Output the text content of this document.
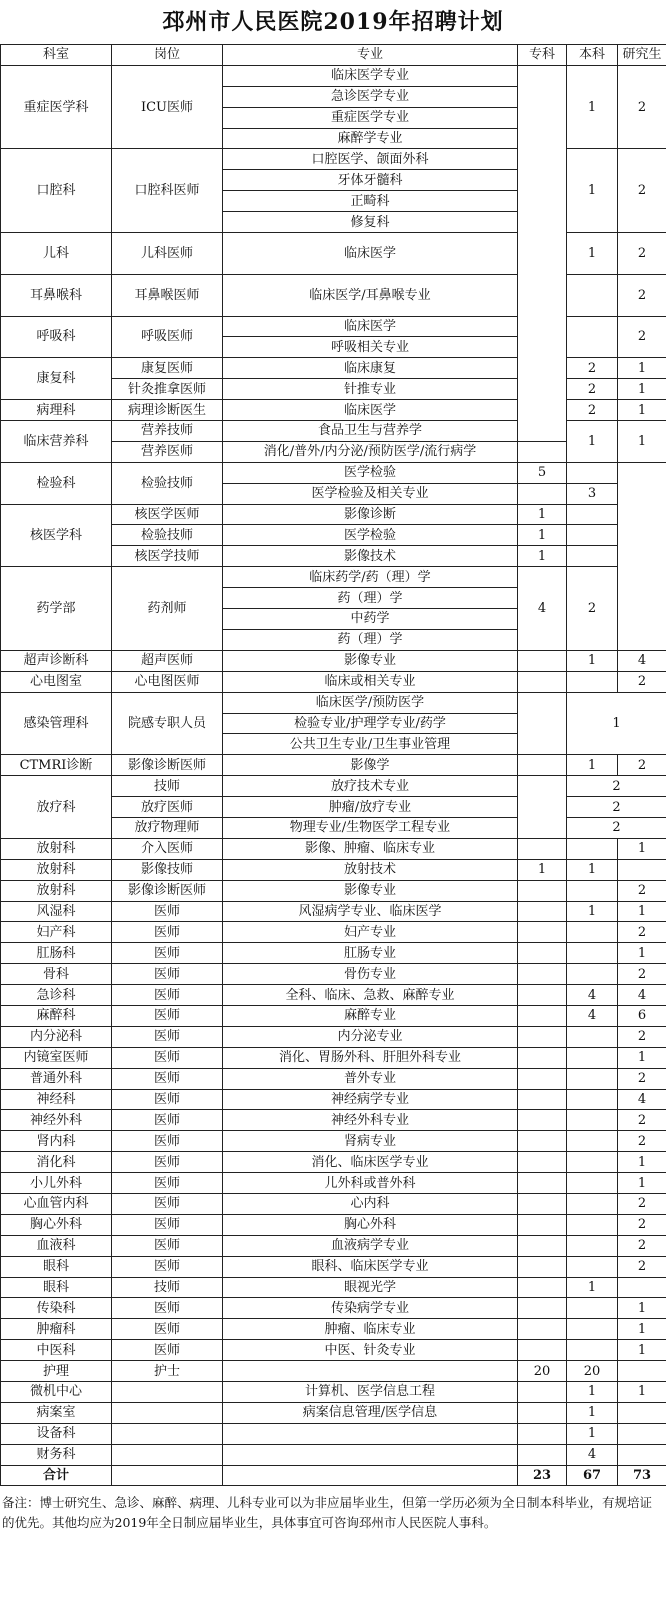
邳州市人民医院2019年招聘计划
科室	岗位	专业	专科	本科	研究生
重症医学科	ICU医师	临床医学专业		1	2
		急诊医学专业			
		重症医学专业			
		麻醉学专业			
口腔科	口腔科医师	口腔医学、颌面外科		1	2
		牙体牙髓科			
		正畸科			
		修复科			
儿科	儿科医师	临床医学		1	2

耳鼻喉科	耳鼻喉医师	临床医学/耳鼻喉专业			2

呼吸科	呼吸医师	临床医学			2
		呼吸相关专业			
康复科	康复医师	临床康复		2	1
	针灸推拿医师	针推专业		2	1
病理科	病理诊断医生	临床医学		2	1
临床营养科	营养技师	食品卫生与营养学		1	1
	营养医师	消化/普外/内分泌/预防医学/流行病学			
检验科	检验技师	医学检验	5		
		医学检验及相关专业		3	
核医学科	核医学医师	影像诊断	1		
	检验技师	医学检验	1		
	核医学技师	影像技术	1		
药学部	药剂师	临床药学/药（理）学	4	2	
		药（理）学			
		中药学			
		药（理）学			
超声诊断科	超声医师	影像专业		1	4
心电图室	心电图医师	临床或相关专业			2
感染管理科	院感专职人员	临床医学/预防医学		1	
		检验专业/护理学专业/药学			
		公共卫生专业/卫生事业管理			
CTMRI诊断	影像诊断医师	影像学		1	2
放疗科	技师	放疗技术专业		2	
	放疗医师	肿瘤/放疗专业		2	
	放疗物理师	物理专业/生物医学工程专业		2	
放射科	介入医师	影像、肿瘤、临床专业			1
放射科	影像技师	放射技术	1	1	
放射科	影像诊断医师	影像专业			2
风湿科	医师	风湿病学专业、临床医学		1	1
妇产科	医师	妇产专业			2
肛肠科	医师	肛肠专业			1
骨科	医师	骨伤专业			2
急诊科	医师	全科、临床、急救、麻醉专业		4	4
麻醉科	医师	麻醉专业		4	6
内分泌科	医师	内分泌专业			2
内镜室医师	医师	消化、胃肠外科、肝胆外科专业			1
普通外科	医师	普外专业			2
神经科	医师	神经病学专业			4
神经外科	医师	神经外科专业			2
肾内科	医师	肾病专业			2
消化科	医师	消化、临床医学专业			1
小儿外科	医师	儿外科或普外科			1
心血管内科	医师	心内科			2
胸心外科	医师	胸心外科			2
血液科	医师	血液病学专业			2
眼科	医师	眼科、临床医学专业			2
眼科	技师	眼视光学		1	
传染科	医师	传染病学专业			1
肿瘤科	医师	肿瘤、临床专业			1
中医科	医师	中医、针灸专业			1
护理	护士		20	20	
微机中心		计算机、医学信息工程		1	1
病案室		病案信息管理/医学信息		1	
设备科				1	
财务科				4	
合计			23	67	73
备注：博士研究生、急诊、麻醉、病理、儿科专业可以为非应届毕业生，但第一学历必须为全日制本科毕业，有规培证的优先。其他均应为2019年全日制应届毕业生，具体事宜可咨询邳州市人民医院人事科。
